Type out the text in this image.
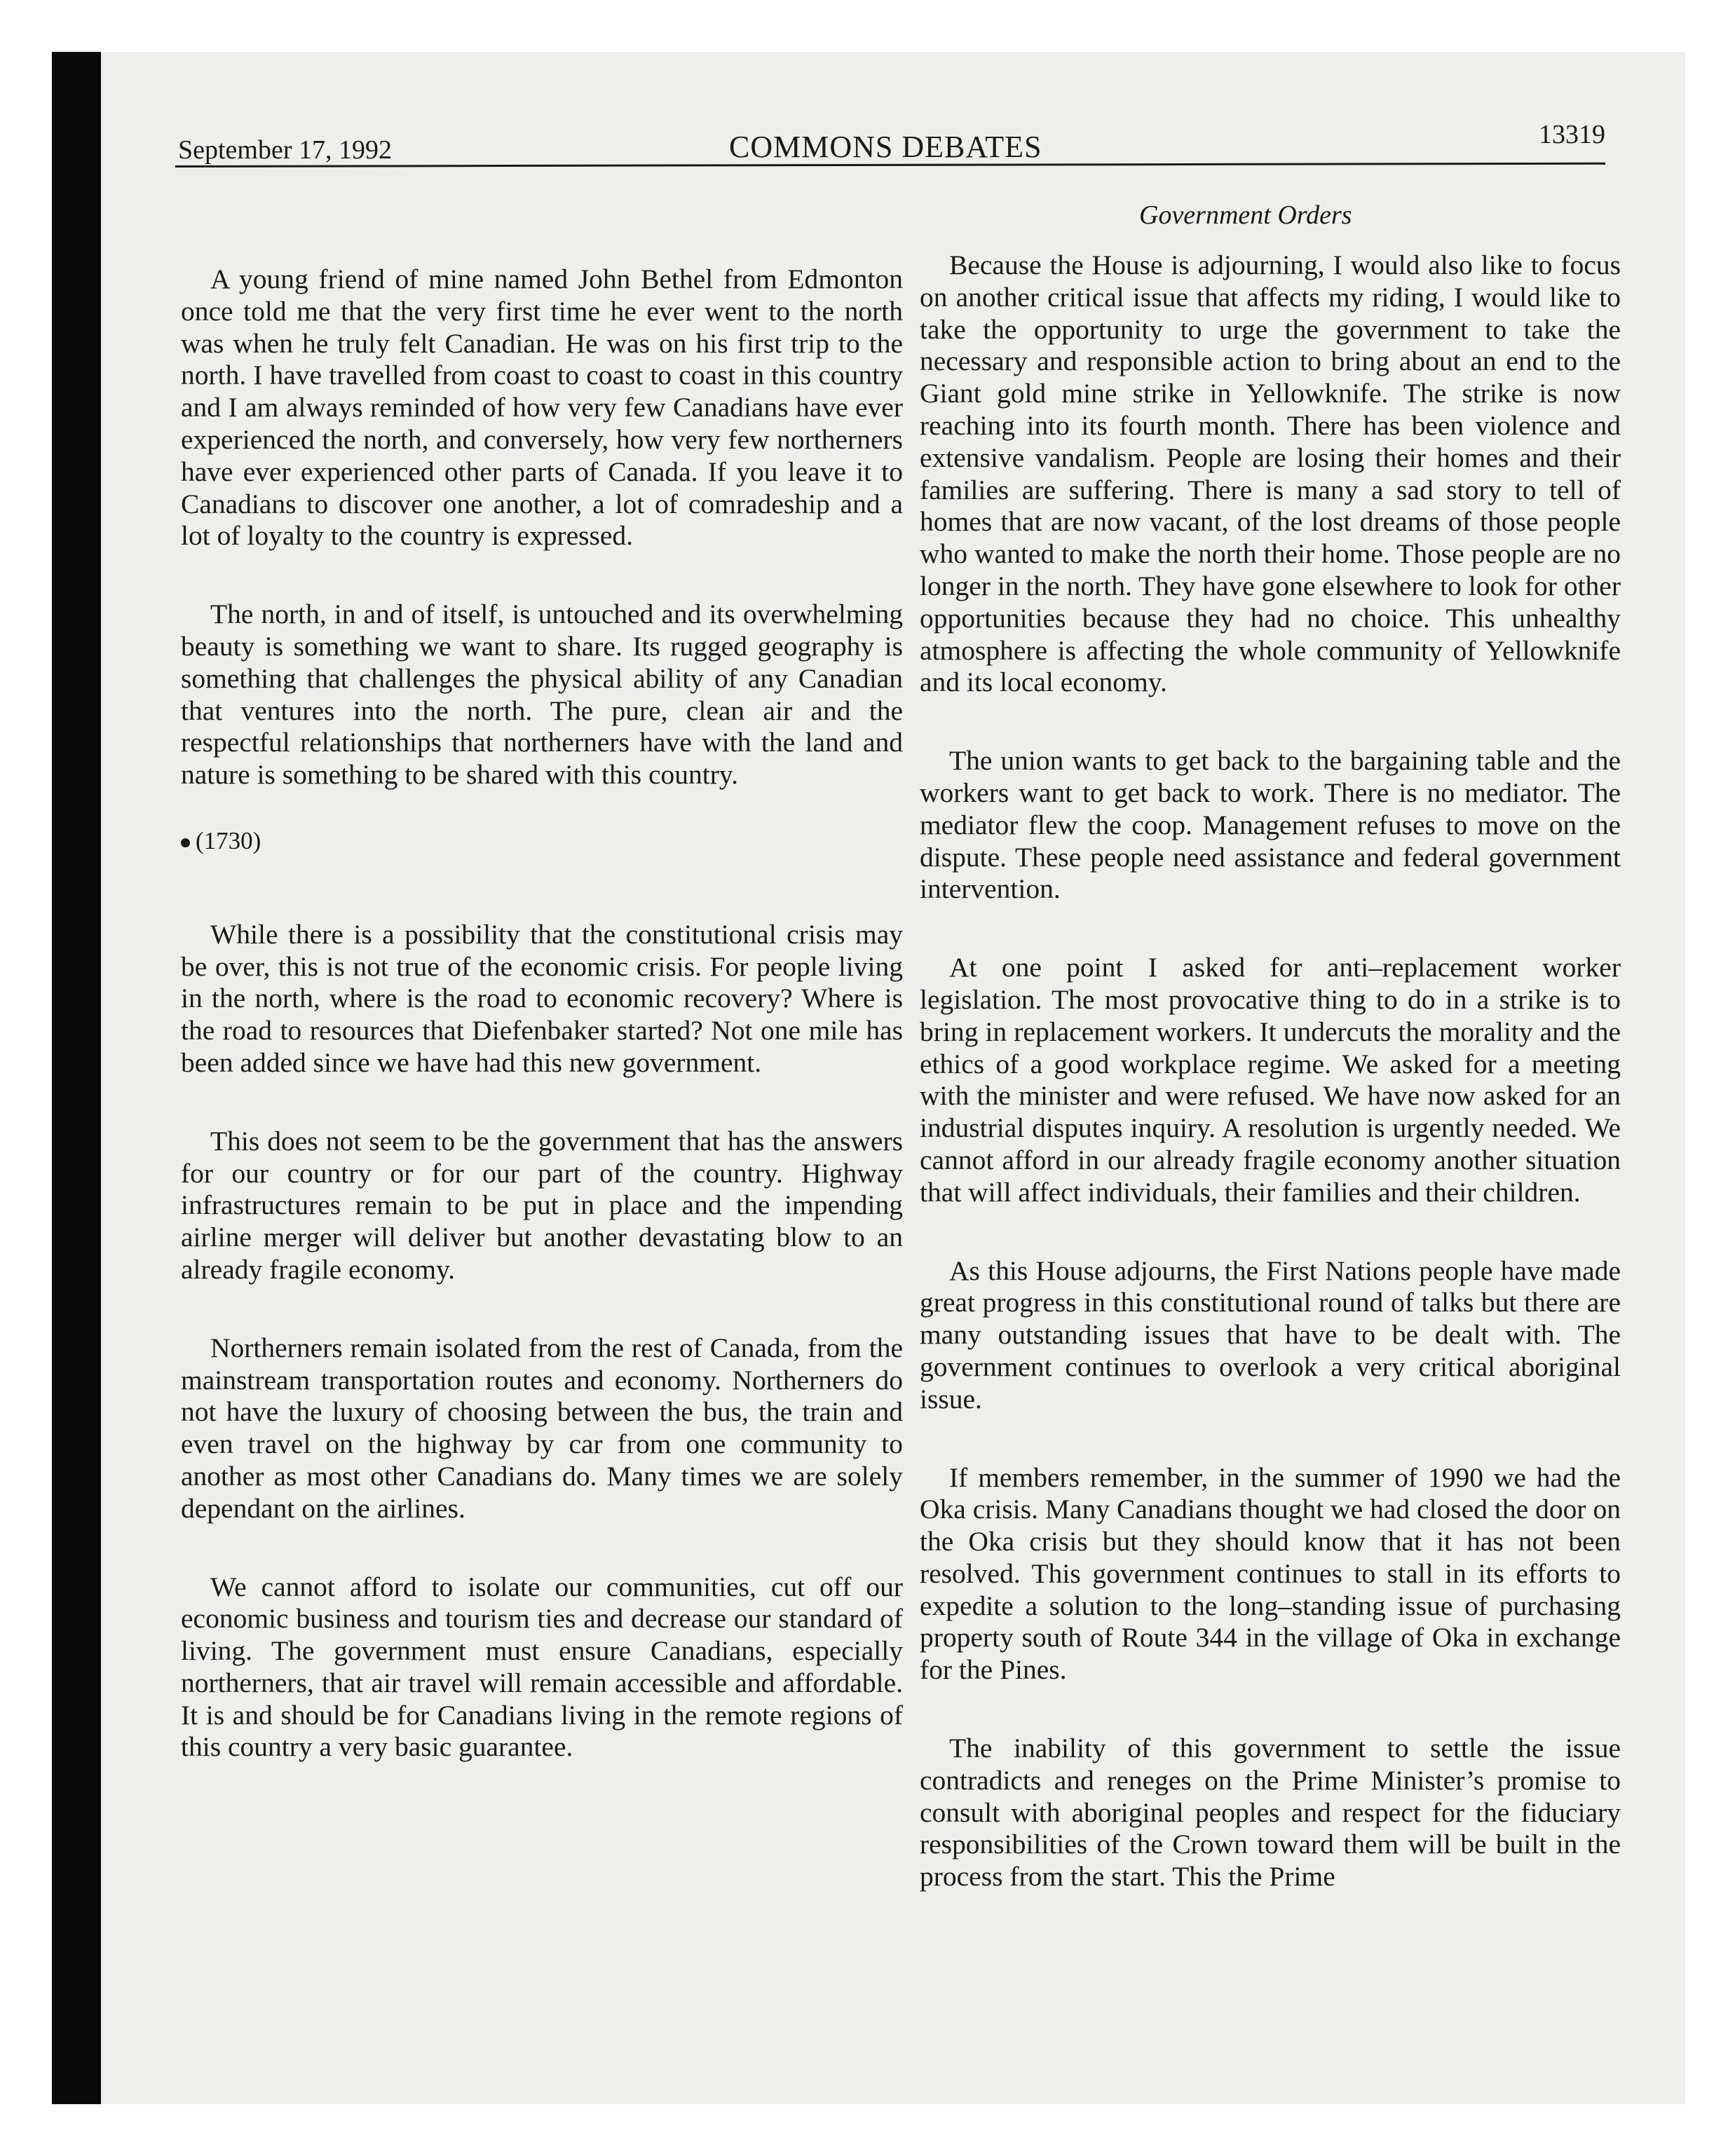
September 17, 1992	COMMONS DEBATES	13319
Government Orders

A young friend of mine named John Bethel from Edmonton once told me that the very first time he ever went to the north was when he truly felt Canadian. He was on his first trip to the north. I have travelled from coast to coast to coast in this country and I am always reminded of how very few Canadians have ever experienced the north, and conversely, how very few northerners have ever experienced other parts of Canada. If you leave it to Canadians to discover one another, a lot of comradeship and a lot of loyalty to the country is expressed.

The north, in and of itself, is untouched and its overwhelming beauty is something we want to share. Its rugged geography is something that challenges the physical ability of any Canadian that ventures into the north. The pure, clean air and the respectful relationships that northerners have with the land and nature is something to be shared with this country.

(1730)

While there is a possibility that the constitutional crisis may be over, this is not true of the economic crisis. For people living in the north, where is the road to economic recovery? Where is the road to resources that Diefenbaker started? Not one mile has been added since we have had this new government.

This does not seem to be the government that has the answers for our country or for our part of the country. Highway infrastructures remain to be put in place and the impending airline merger will deliver but another devastating blow to an already fragile economy.

Northerners remain isolated from the rest of Canada, from the mainstream transportation routes and economy. Northerners do not have the luxury of choosing between the bus, the train and even travel on the highway by car from one community to another as most other Canadians do. Many times we are solely dependant on the airlines.

We cannot afford to isolate our communities, cut off our economic business and tourism ties and decrease our standard of living. The government must ensure Canadians, especially northerners, that air travel will remain accessible and affordable. It is and should be for Canadians living in the remote regions of this country a very basic guarantee.

Because the House is adjourning, I would also like to focus on another critical issue that affects my riding, I would like to take the opportunity to urge the government to take the necessary and responsible action to bring about an end to the Giant gold mine strike in Yellowknife. The strike is now reaching into its fourth month. There has been violence and extensive vandalism. People are losing their homes and their families are suffering. There is many a sad story to tell of homes that are now vacant, of the lost dreams of those people who wanted to make the north their home. Those people are no longer in the north. They have gone elsewhere to look for other opportunities because they had no choice. This unhealthy atmosphere is affecting the whole community of Yellowknife and its local economy.

The union wants to get back to the bargaining table and the workers want to get back to work. There is no mediator. The mediator flew the coop. Management refuses to move on the dispute. These people need assistance and federal government intervention.

At one point I asked for anti–replacement worker legislation. The most provocative thing to do in a strike is to bring in replacement workers. It undercuts the morality and the ethics of a good workplace regime. We asked for a meeting with the minister and were refused. We have now asked for an industrial disputes inquiry. A resolution is urgently needed. We cannot afford in our already fragile economy another situation that will affect individuals, their families and their children.

As this House adjourns, the First Nations people have made great progress in this constitutional round of talks but there are many outstanding issues that have to be dealt with. The government continues to overlook a very critical aboriginal issue.

If members remember, in the summer of 1990 we had the Oka crisis. Many Canadians thought we had closed the door on the Oka crisis but they should know that it has not been resolved. This government continues to stall in its efforts to expedite a solution to the long–standing issue of purchasing property south of Route 344 in the village of Oka in exchange for the Pines.

The inability of this government to settle the issue contradicts and reneges on the Prime Minister’s promise to consult with aboriginal peoples and respect for the fiduciary responsibilities of the Crown toward them will be built in the process from the start. This the Prime
